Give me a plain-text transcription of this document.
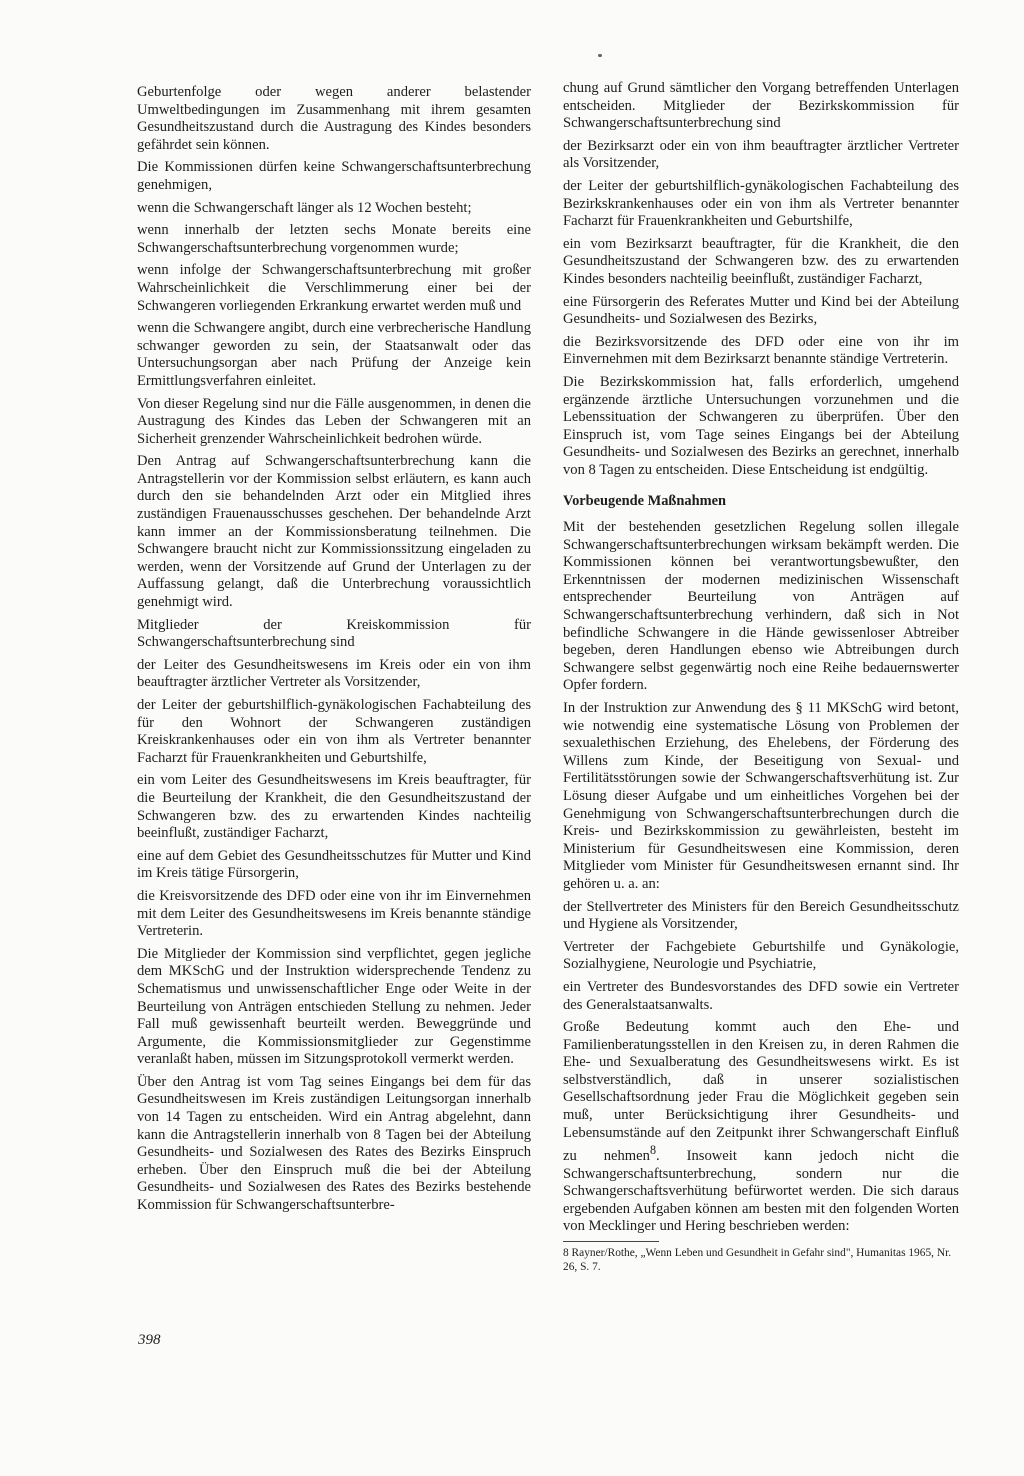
Geburtenfolge oder wegen anderer belastender Umweltbedingungen im Zusammenhang mit ihrem gesamten Gesundheitszustand durch die Austragung des Kindes besonders gefährdet sein können.

Die Kommissionen dürfen keine Schwangerschaftsunterbrechung genehmigen,

wenn die Schwangerschaft länger als 12 Wochen besteht;

wenn innerhalb der letzten sechs Monate bereits eine Schwangerschaftsunterbrechung vorgenommen wurde;

wenn infolge der Schwangerschaftsunterbrechung mit großer Wahrscheinlichkeit die Verschlimmerung einer bei der Schwangeren vorliegenden Erkrankung erwartet werden muß und

wenn die Schwangere angibt, durch eine verbrecherische Handlung schwanger geworden zu sein, der Staatsanwalt oder das Untersuchungsorgan aber nach Prüfung der Anzeige kein Ermittlungsverfahren einleitet.

Von dieser Regelung sind nur die Fälle ausgenommen, in denen die Austragung des Kindes das Leben der Schwangeren mit an Sicherheit grenzender Wahrscheinlichkeit bedrohen würde.

Den Antrag auf Schwangerschaftsunterbrechung kann die Antragstellerin vor der Kommission selbst erläutern, es kann auch durch den sie behandelnden Arzt oder ein Mitglied ihres zuständigen Frauenausschusses geschehen. Der behandelnde Arzt kann immer an der Kommissionsberatung teilnehmen. Die Schwangere braucht nicht zur Kommissionssitzung eingeladen zu werden, wenn der Vorsitzende auf Grund der Unterlagen zu der Auffassung gelangt, daß die Unterbrechung voraussichtlich genehmigt wird.

Mitglieder der Kreiskommission für Schwangerschaftsunterbrechung sind

der Leiter des Gesundheitswesens im Kreis oder ein von ihm beauftragter ärztlicher Vertreter als Vorsitzender,

der Leiter der geburtshilflich-gynäkologischen Fachabteilung des für den Wohnort der Schwangeren zuständigen Kreiskrankenhauses oder ein von ihm als Vertreter benannter Facharzt für Frauenkrankheiten und Geburtshilfe,

ein vom Leiter des Gesundheitswesens im Kreis beauftragter, für die Beurteilung der Krankheit, die den Gesundheitszustand der Schwangeren bzw. des zu erwartenden Kindes nachteilig beeinflußt, zuständiger Facharzt,

eine auf dem Gebiet des Gesundheitsschutzes für Mutter und Kind im Kreis tätige Fürsorgerin,

die Kreisvorsitzende des DFD oder eine von ihr im Einvernehmen mit dem Leiter des Gesundheitswesens im Kreis benannte ständige Vertreterin.

Die Mitglieder der Kommission sind verpflichtet, gegen jegliche dem MKSchG und der Instruktion widersprechende Tendenz zu Schematismus und unwissenschaftlicher Enge oder Weite in der Beurteilung von Anträgen entschieden Stellung zu nehmen. Jeder Fall muß gewissenhaft beurteilt werden. Beweggründe und Argumente, die Kommissionsmitglieder zur Gegenstimme veranlaßt haben, müssen im Sitzungsprotokoll vermerkt werden.

Über den Antrag ist vom Tag seines Eingangs bei dem für das Gesundheitswesen im Kreis zuständigen Leitungsorgan innerhalb von 14 Tagen zu entscheiden. Wird ein Antrag abgelehnt, dann kann die Antragstellerin innerhalb von 8 Tagen bei der Abteilung Gesundheits- und Sozialwesen des Rates des Bezirks Einspruch erheben. Über den Einspruch muß die bei der Abteilung Gesundheits- und Sozialwesen des Rates des Bezirks bestehende Kommission für Schwangerschaftsunterbre-

chung auf Grund sämtlicher den Vorgang betreffenden Unterlagen entscheiden. Mitglieder der Bezirkskommission für Schwangerschaftsunterbrechung sind

der Bezirksarzt oder ein von ihm beauftragter ärztlicher Vertreter als Vorsitzender,

der Leiter der geburtshilflich-gynäkologischen Fachabteilung des Bezirkskrankenhauses oder ein von ihm als Vertreter benannter Facharzt für Frauenkrankheiten und Geburtshilfe,

ein vom Bezirksarzt beauftragter, für die Krankheit, die den Gesundheitszustand der Schwangeren bzw. des zu erwartenden Kindes besonders nachteilig beeinflußt, zuständiger Facharzt,

eine Fürsorgerin des Referates Mutter und Kind bei der Abteilung Gesundheits- und Sozialwesen des Bezirks,

die Bezirksvorsitzende des DFD oder eine von ihr im Einvernehmen mit dem Bezirksarzt benannte ständige Vertreterin.

Die Bezirkskommission hat, falls erforderlich, umgehend ergänzende ärztliche Untersuchungen vorzunehmen und die Lebenssituation der Schwangeren zu überprüfen. Über den Einspruch ist, vom Tage seines Eingangs bei der Abteilung Gesundheits- und Sozialwesen des Bezirks an gerechnet, innerhalb von 8 Tagen zu entscheiden. Diese Entscheidung ist endgültig.

Vorbeugende Maßnahmen

Mit der bestehenden gesetzlichen Regelung sollen illegale Schwangerschaftsunterbrechungen wirksam bekämpft werden. Die Kommissionen können bei verantwortungsbewußter, den Erkenntnissen der modernen medizinischen Wissenschaft entsprechender Beurteilung von Anträgen auf Schwangerschaftsunterbrechung verhindern, daß sich in Not befindliche Schwangere in die Hände gewissenloser Abtreiber begeben, deren Handlungen ebenso wie Abtreibungen durch Schwangere selbst gegenwärtig noch eine Reihe bedauernswerter Opfer fordern.

In der Instruktion zur Anwendung des § 11 MKSchG wird betont, wie notwendig eine systematische Lösung von Problemen der sexualethischen Erziehung, des Ehelebens, der Förderung des Willens zum Kinde, der Beseitigung von Sexual- und Fertilitätsstörungen sowie der Schwangerschaftsverhütung ist. Zur Lösung dieser Aufgabe und um einheitliches Vorgehen bei der Genehmigung von Schwangerschaftsunterbrechungen durch die Kreis- und Bezirkskommission zu gewährleisten, besteht im Ministerium für Gesundheitswesen eine Kommission, deren Mitglieder vom Minister für Gesundheitswesen ernannt sind. Ihr gehören u. a. an:

der Stellvertreter des Ministers für den Bereich Gesundheitsschutz und Hygiene als Vorsitzender,

Vertreter der Fachgebiete Geburtshilfe und Gynäkologie, Sozialhygiene, Neurologie und Psychiatrie,

ein Vertreter des Bundesvorstandes des DFD sowie ein Vertreter des Generalstaatsanwalts.

Große Bedeutung kommt auch den Ehe- und Familienberatungsstellen in den Kreisen zu, in deren Rahmen die Ehe- und Sexualberatung des Gesundheitswesens wirkt. Es ist selbstverständlich, daß in unserer sozialistischen Gesellschaftsordnung jeder Frau die Möglichkeit gegeben sein muß, unter Berücksichtigung ihrer Gesundheits- und Lebensumstände auf den Zeitpunkt ihrer Schwangerschaft Einfluß zu nehmen$^8$. Insoweit kann jedoch nicht die Schwangerschaftsunterbrechung, sondern nur die Schwangerschaftsverhütung befürwortet werden. Die sich daraus ergebenden Aufgaben können am besten mit den folgenden Worten von Mecklinger und Hering beschrieben werden:

8 Rayner/Rothe, „Wenn Leben und Gesundheit in Gefahr sind", Humanitas 1965, Nr. 26, S. 7.

398
